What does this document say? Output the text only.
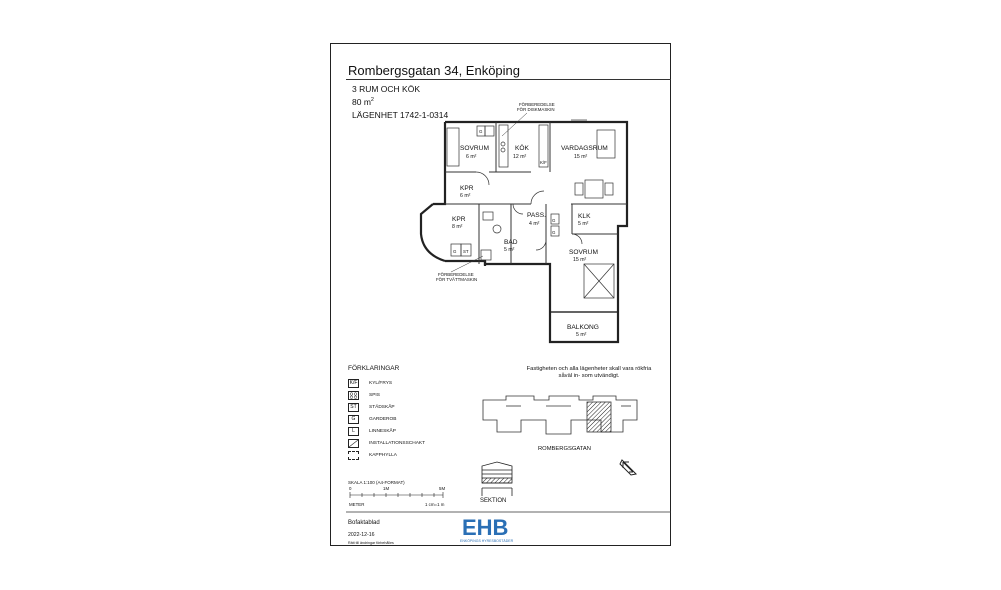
Rombergsgatan 34, Enköping
3 RUM OCH KÖK
80 $m^2$
LÄGENHET 1742-1-0314
SOVRUM
6 m²
KÖK
12 m²
VARDAGSRUM
15 m²
KPR
6 m²
KPR
8 m²
PASS.
4 m²
KLK
5 m²
BAD
5 m²	SOVRUM
15 m²
BALKONG
5 m²
G
G ST
G
G
K/F
FÖRBEREDELSE
FÖR DISKMASKIN
FÖRBEREDELSE
FÖR TVÄTTMASKIN
0	1M	5M
METER	1 cm=1 m
EHB
ENKÖPINGS HYRESBOSTÄDER
FÖRKLARINGAR
K/F	KYL/FRYS
SPIS
ST	STÄDSKÅP
G	GARDEROB
L	LINNESKÅP
INSTALLATIONSSCHAKT
KAPPHYLLA
SKALA 1:100 (A4-FORMAT)
Fastigheten och alla lägenheter skall vara rökfria såväl in- som utvändigt.
ROMBERGSGATAN
SEKTION
Bofaktablad
2022-12-16
Rätt till ändringar förbehålles
